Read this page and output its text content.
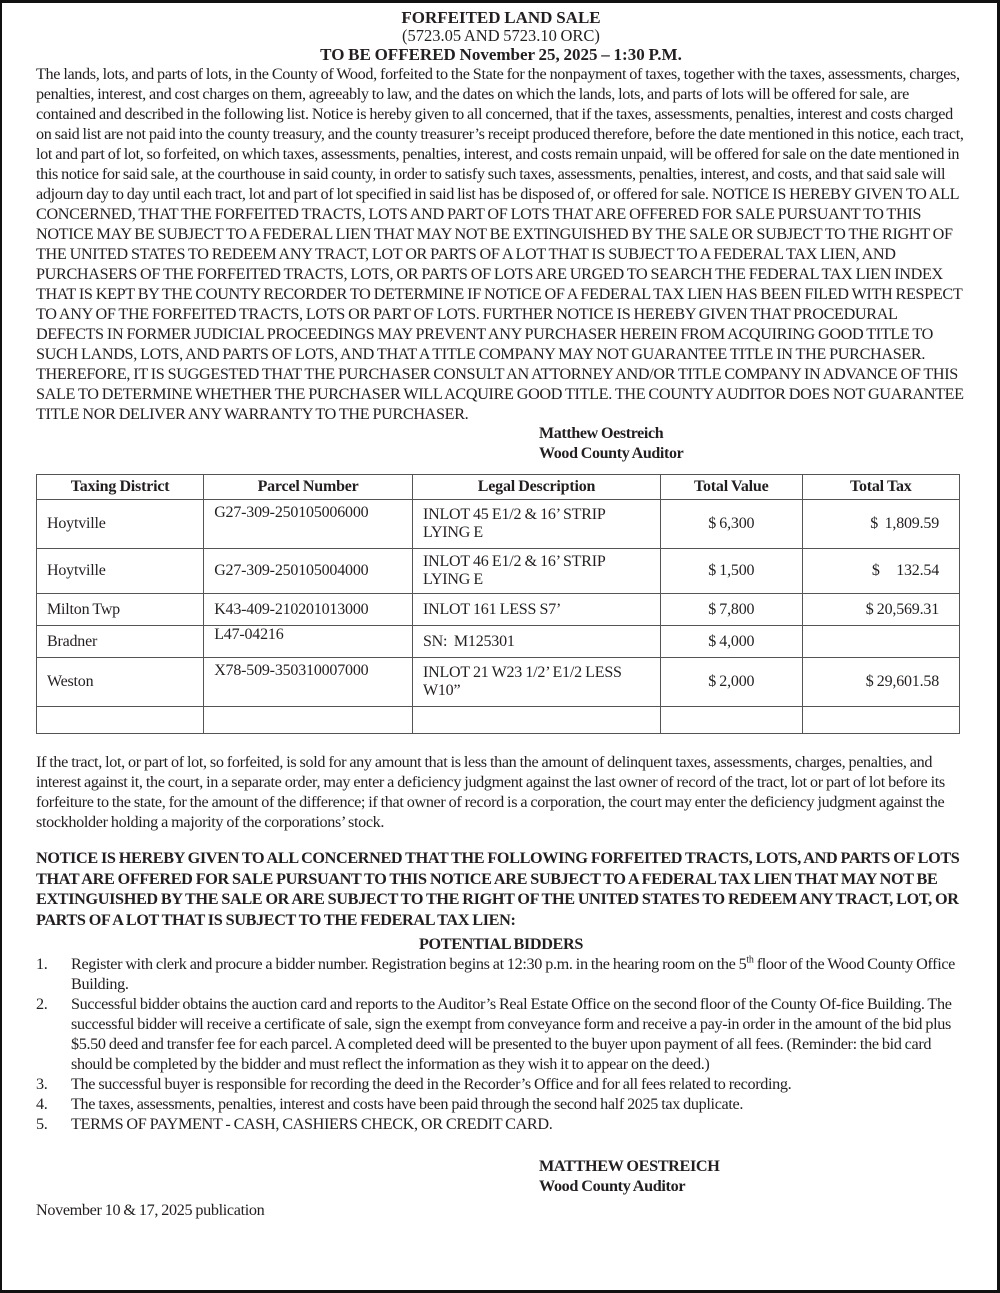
FORFEITED LAND SALE
(5723.05 AND 5723.10 ORC)
TO BE OFFERED November 25, 2025 – 1:30 P.M.

The lands, lots, and parts of lots, in the County of Wood, forfeited to the State for the nonpayment of taxes, together with the taxes, assessments, charges, penalties, interest, and cost charges on them, agreeably to law, and the dates on which the lands, lots, and parts of lots will be offered for sale, are contained and described in the following list. Notice is hereby given to all concerned, that if the taxes, assessments, penalties, interest and costs charged on said list are not paid into the county treasury, and the county treasurer’s receipt produced therefore, before the date mentioned in this notice, each tract, lot and part of lot, so forfeited, on which taxes, assessments, penalties, interest, and costs remain unpaid, will be offered for sale on the date mentioned in this notice for said sale, at the courthouse in said county, in order to satisfy such taxes, assessments, penalties, interest, and costs, and that said sale will adjourn day to day until each tract, lot and part of lot specified in said list has be disposed of, or offered for sale. NOTICE IS HEREBY GIVEN TO ALL CONCERNED, THAT THE FORFEITED TRACTS, LOTS AND PART OF LOTS THAT ARE OFFERED FOR SALE PURSUANT TO THIS NOTICE MAY BE SUBJECT TO A FEDERAL LIEN THAT MAY NOT BE EXTINGUISHED BY THE SALE OR SUBJECT TO THE RIGHT OF THE UNITED STATES TO REDEEM ANY TRACT, LOT OR PARTS OF A LOT THAT IS SUBJECT TO A FEDERAL TAX LIEN, AND PURCHASERS OF THE FORFEITED TRACTS, LOTS, OR PARTS OF LOTS ARE URGED TO SEARCH THE FEDERAL TAX LIEN INDEX THAT IS KEPT BY THE COUNTY RECORDER TO DETERMINE IF NOTICE OF A FEDERAL TAX LIEN HAS BEEN FILED WITH RESPECT TO ANY OF THE FORFEITED TRACTS, LOTS OR PART OF LOTS. FURTHER NOTICE IS HEREBY GIVEN THAT PROCEDURAL DEFECTS IN FORMER JUDICIAL PROCEEDINGS MAY PREVENT ANY PURCHASER HEREIN FROM ACQUIRING GOOD TITLE TO SUCH LANDS, LOTS, AND PARTS OF LOTS, AND THAT A TITLE COMPANY MAY NOT GUARANTEE TITLE IN THE PURCHASER. THEREFORE, IT IS SUGGESTED THAT THE PURCHASER CONSULT AN ATTORNEY AND/OR TITLE COMPANY IN ADVANCE OF THIS SALE TO DETERMINE WHETHER THE PURCHASER WILL ACQUIRE GOOD TITLE. THE COUNTY AUDITOR DOES NOT GUARANTEE TITLE NOR DELIVER ANY WARRANTY TO THE PURCHASER.

Matthew Oestreich
Wood County Auditor
Taxing District	Parcel Number	Legal Description	Total Value	Total Tax
Hoytville	G27-309-250105006000	INLOT 45 E1/2 & 16’ STRIP LYING E	$ 6,300	$  1,809.59
Hoytville	G27-309-250105004000	INLOT 46 E1/2 & 16’ STRIP LYING E	$ 1,500	$     132.54
Milton Twp	K43-409-210201013000	INLOT 161 LESS S7’	$ 7,800	$ 20,569.31
Bradner	L47-04216	SN:  M125301	$ 4,000	
Weston	X78-509-350310007000	INLOT 21 W23 1/2’ E1/2 LESS W10”	$ 2,000	$ 29,601.58

If the tract, lot, or part of lot, so forfeited, is sold for any amount that is less than the amount of delinquent taxes, assessments, charges, penalties, and interest against it, the court, in a separate order, may enter a deficiency judgment against the last owner of record of the tract, lot or part of lot before its forfeiture to the state, for the amount of the difference; if that owner of record is a corporation, the court may enter the deficiency judgment against the stockholder holding a majority of the corporations’ stock.

NOTICE IS HEREBY GIVEN TO ALL CONCERNED THAT THE FOLLOWING FORFEITED TRACTS, LOTS, AND PARTS OF LOTS THAT ARE OFFERED FOR SALE PURSUANT TO THIS NOTICE ARE SUBJECT TO A FEDERAL TAX LIEN THAT MAY NOT BE EXTINGUISHED BY THE SALE OR ARE SUBJECT TO THE RIGHT OF THE UNITED STATES TO REDEEM ANY TRACT, LOT, OR PARTS OF A LOT THAT IS SUBJECT TO THE FEDERAL TAX LIEN:

POTENTIAL BIDDERS
1.	Register with clerk and procure a bidder number. Registration begins at 12:30 p.m. in the hearing room on the 5th floor of the Wood County Office Building.
2.	Successful bidder obtains the auction card and reports to the Auditor’s Real Estate Office on the second floor of the County Of-fice Building. The successful bidder will receive a certificate of sale, sign the exempt from conveyance form and receive a pay-in order in the amount of the bid plus $5.50 deed and transfer fee for each parcel. A completed deed will be presented to the buyer upon payment of all fees. (Reminder: the bid card should be completed by the bidder and must reflect the information as they wish it to appear on the deed.)
3.	The successful buyer is responsible for recording the deed in the Recorder’s Office and for all fees related to recording.
4.	The taxes, assessments, penalties, interest and costs have been paid through the second half 2025 tax duplicate.
5.	TERMS OF PAYMENT - CASH, CASHIERS CHECK, OR CREDIT CARD.
MATTHEW OESTREICH
Wood County Auditor
November 10 & 17, 2025 publication
